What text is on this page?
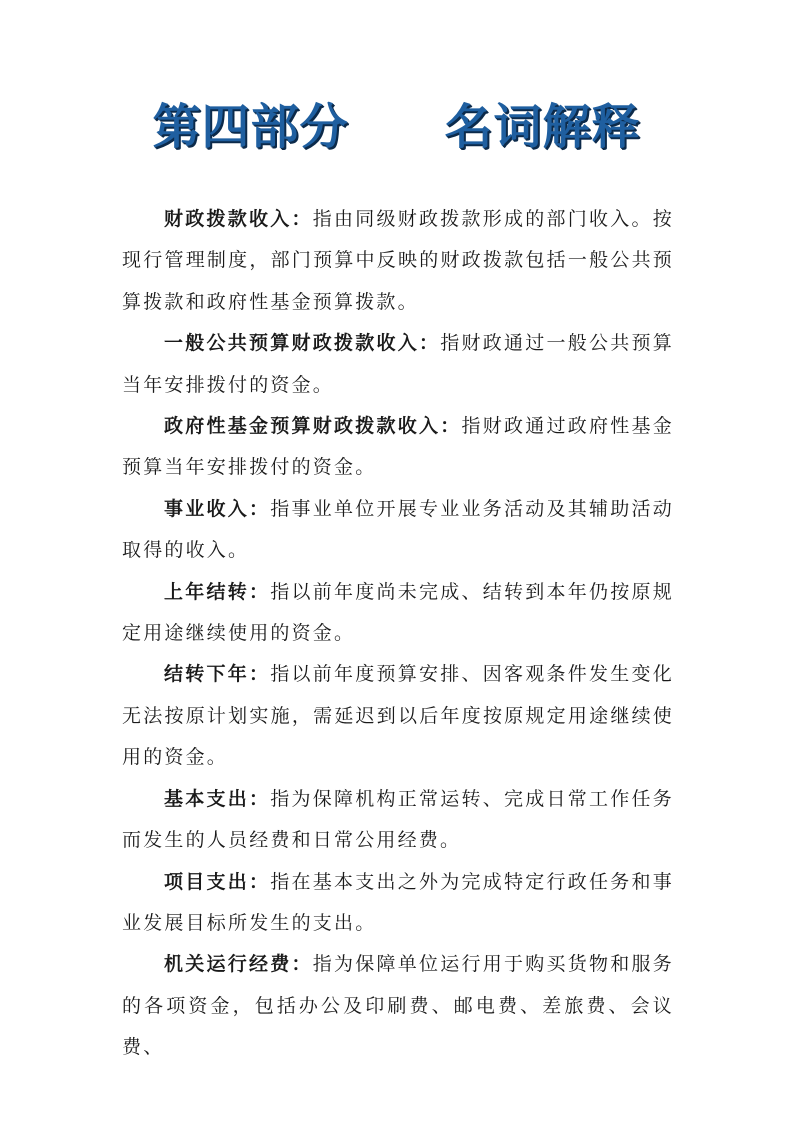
第四部分 名词解释

财政拨款收入：指由同级财政拨款形成的部门收入。按现行管理制度，部门预算中反映的财政拨款包括一般公共预算拨款和政府性基金预算拨款。

一般公共预算财政拨款收入：指财政通过一般公共预算当年安排拨付的资金。

政府性基金预算财政拨款收入：指财政通过政府性基金预算当年安排拨付的资金。

事业收入：指事业单位开展专业业务活动及其辅助活动取得的收入。

上年结转：指以前年度尚未完成、结转到本年仍按原规定用途继续使用的资金。

结转下年：指以前年度预算安排、因客观条件发生变化无法按原计划实施，需延迟到以后年度按原规定用途继续使用的资金。

基本支出：指为保障机构正常运转、完成日常工作任务而发生的人员经费和日常公用经费。

项目支出：指在基本支出之外为完成特定行政任务和事业发展目标所发生的支出。

机关运行经费：指为保障单位运行用于购买货物和服务的各项资金，包括办公及印刷费、邮电费、差旅费、会议费、
